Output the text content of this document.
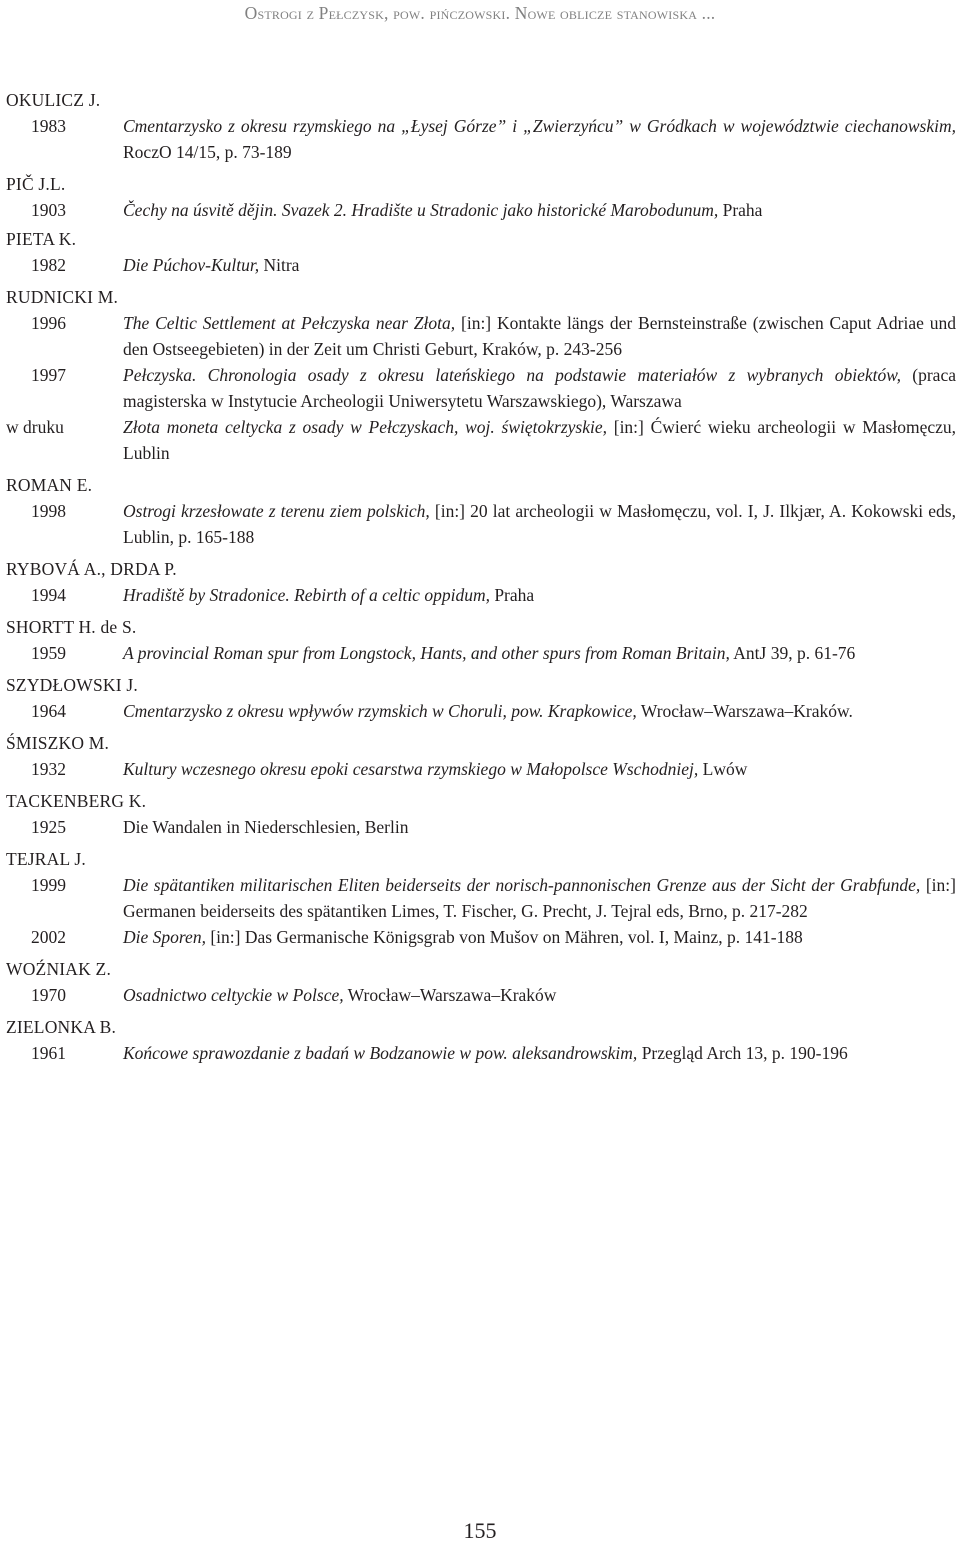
Ostrogi z Pełczysk, pow. pińczowski. Nowe oblicze stanowiska ...
OKULICZ J.
1983	Cmentarzysko z okresu rzymskiego na „Łysej Górze” i „Zwierzyńcu” w Gródkach w województwie ciechanowskim, RoczO 14/15, p. 73-189
PIČ J.L.
1903	Čechy na úsvitě dějin. Svazek 2. Hradište u Stradonic jako historické Marobodunum, Praha
PIETA K.
1982	Die Púchov-Kultur, Nitra
RUDNICKI M.
1996	The Celtic Settlement at Pełczyska near Złota, [in:] Kontakte längs der Bernsteinstraße (zwischen Caput Adriae und den Ostseegebieten) in der Zeit um Christi Geburt, Kraków, p. 243-256
1997	Pełczyska. Chronologia osady z okresu lateńskiego na podstawie materiałów z wybranych obiektów, (praca magisterska w Instytucie Archeologii Uniwersytetu Warszawskiego), Warszawa
w druku	Złota moneta celtycka z osady w Pełczyskach, woj. świętokrzyskie, [in:] Ćwierć wieku archeologii w Masłomęczu, Lublin
ROMAN E.
1998	Ostrogi krzesłowate z terenu ziem polskich, [in:] 20 lat archeologii w Masłomęczu, vol. I, J. Ilkjær, A. Kokowski eds, Lublin, p. 165-188
RYBOVÁ A., DRDA P.
1994	Hradiště by Stradonice. Rebirth of a celtic oppidum, Praha
SHORTT H. de S.
1959	A provincial Roman spur from Longstock, Hants, and other spurs from Roman Britain, AntJ 39, p. 61-76
SZYDŁOWSKI J.
1964	Cmentarzysko z okresu wpływów rzymskich w Choruli, pow. Krapkowice, Wrocław–Warszawa–Kraków.
ŚMISZKO M.
1932	Kultury wczesnego okresu epoki cesarstwa rzymskiego w Małopolsce Wschodniej, Lwów
TACKENBERG K.
1925	Die Wandalen in Niederschlesien, Berlin
TEJRAL J.
1999	Die spätantiken militarischen Eliten beiderseits der norisch-pannonischen Grenze aus der Sicht der Grabfunde, [in:] Germanen beiderseits des spätantiken Limes, T. Fischer, G. Precht, J. Tejral eds, Brno, p. 217-282
2002	Die Sporen, [in:] Das Germanische Königsgrab von Mušov on Mähren, vol. I, Mainz, p. 141-188
WOŹNIAK Z.
1970	Osadnictwo celtyckie w Polsce, Wrocław–Warszawa–Kraków
ZIELONKA B.
1961	Końcowe sprawozdanie z badań w Bodzanowie w pow. aleksandrowskim, Przegląd Arch 13, p. 190-196
155
